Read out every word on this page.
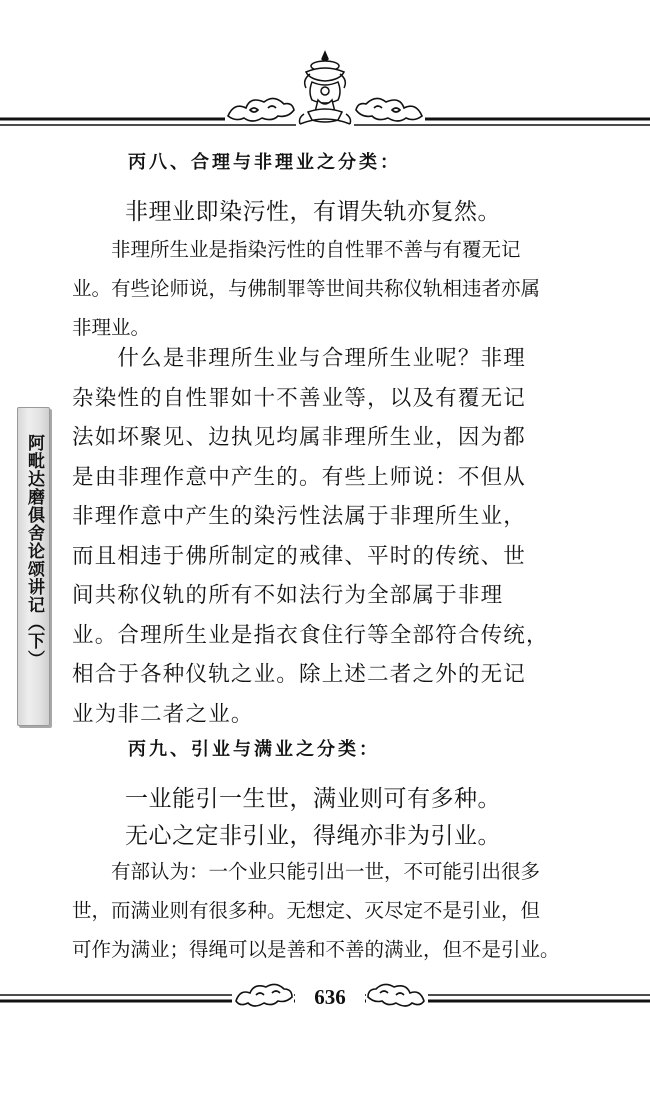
阿毗达磨俱舍论颂讲记（下）
丙八、合理与非理业之分类：
非理业即染污性，有谓失轨亦复然。

　　非理所生业是指染污性的自性罪不善与有覆无记

业。有些论师说，与佛制罪等世间共称仪轨相违者亦属

非理业。

　　什么是非理所生业与合理所生业呢？非理

杂染性的自性罪如十不善业等，以及有覆无记

法如坏聚见、边执见均属非理所生业，因为都

是由非理作意中产生的。有些上师说：不但从

非理作意中产生的染污性法属于非理所生业，

而且相违于佛所制定的戒律、平时的传统、世

间共称仪轨的所有不如法行为全部属于非理

业。合理所生业是指衣食住行等全部符合传统，

相合于各种仪轨之业。除上述二者之外的无记

业为非二者之业。

丙九、引业与满业之分类：
一业能引一生世，满业则可有多种。
无心之定非引业，得绳亦非为引业。

　　有部认为：一个业只能引出一世，不可能引出很多

世，而满业则有很多种。无想定、灭尽定不是引业，但

可作为满业；得绳可以是善和不善的满业，但不是引业。

636
